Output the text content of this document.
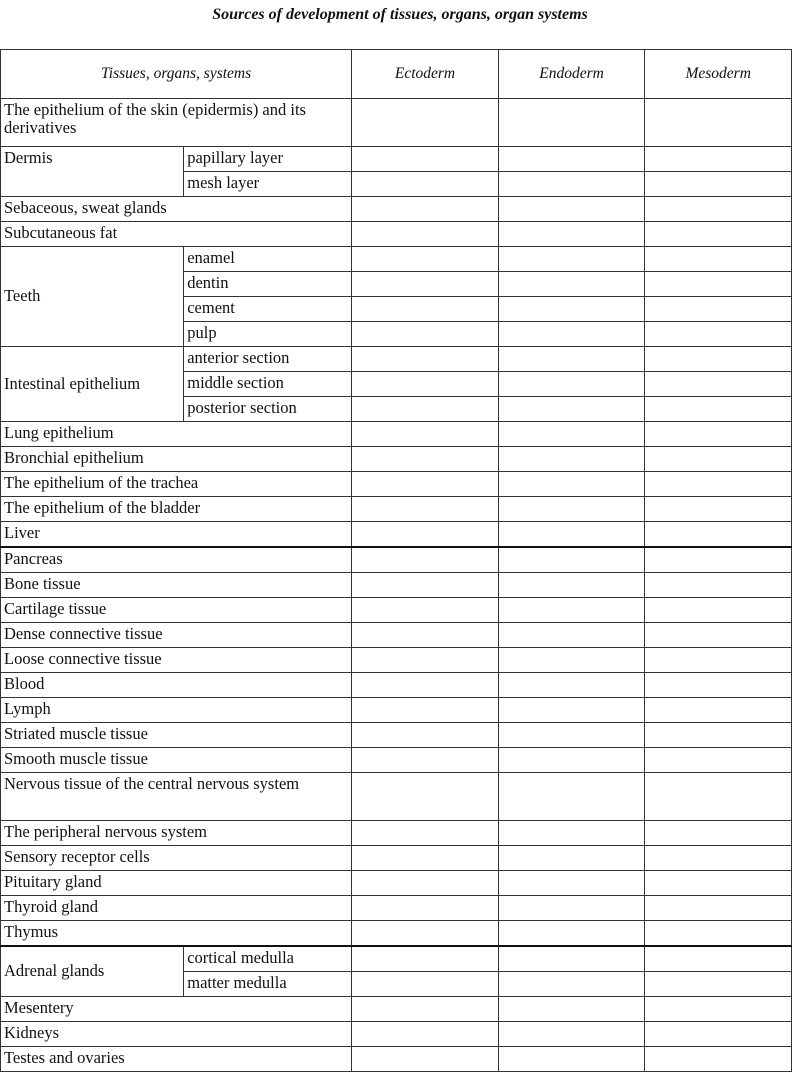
Sources of development of tissues, organs, organ systems
Tissues, organs, systems		Ectoderm	Endoderm	Mesoderm
The epithelium of the skin (epidermis) and its derivatives				
Dermis	papillary layer			
	mesh layer			
Sebaceous, sweat glands				
Subcutaneous fat				
Teeth	enamel			
	dentin			
	cement			
	pulp			
Intestinal epithelium	anterior section			
	middle section			
	posterior section			
Lung epithelium				
Bronchial epithelium				
The epithelium of the trachea				
The epithelium of the bladder				
Liver				
Pancreas				
Bone tissue				
Cartilage tissue				
Dense connective tissue				
Loose connective tissue				
Blood				
Lymph				
Striated muscle tissue				
Smooth muscle tissue				
Nervous tissue of the central nervous system				
The peripheral nervous system				
Sensory receptor cells				
Pituitary gland				
Thyroid gland				
Thymus				
Adrenal glands	cortical medulla			
	matter medulla			
Mesentery				
Kidneys				
Testes and ovaries				
